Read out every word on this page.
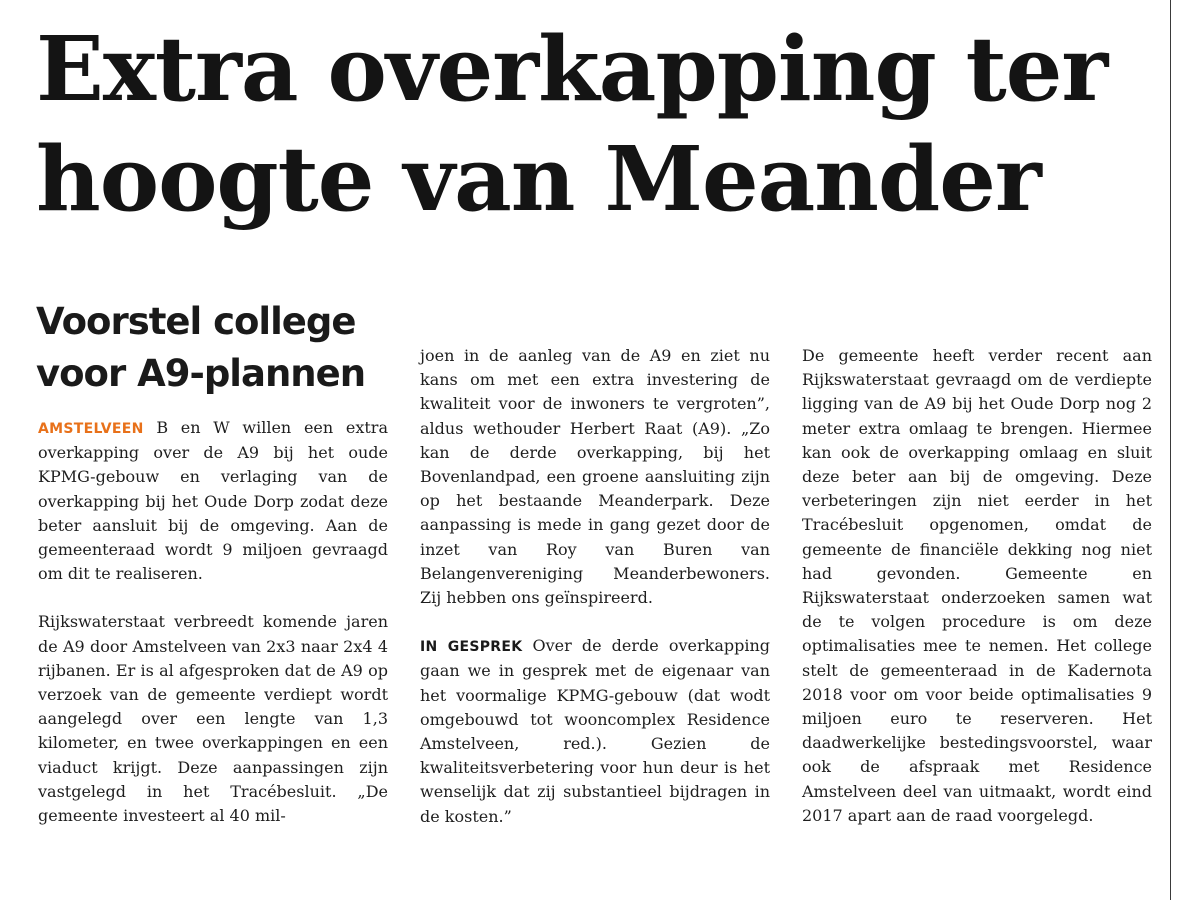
Extra overkapping ter
hoogte van Meander
Voorstel college
voor A9-plannen

AMSTELVEEN B en W willen een extra overkapping over de A9 bij het oude KPMG-gebouw en verlaging van de overkapping bij het Oude Dorp zodat deze beter aansluit bij de omgeving. Aan de gemeenteraad wordt 9 miljoen gevraagd om dit te realiseren.

Rijkswaterstaat verbreedt komende jaren de A9 door Amstelveen van 2x3 naar 2x4 4 rijbanen. Er is al afgesproken dat de A9 op verzoek van de gemeente verdiept wordt aangelegd over een lengte van 1,3 kilometer, en twee overkappingen en een viaduct krijgt. Deze aanpassingen zijn vastgelegd in het Tracébesluit. „De gemeente investeert al 40 mil-

joen in de aanleg van de A9 en ziet nu kans om met een extra investering de kwaliteit voor de inwoners te vergroten”, aldus wethouder Herbert Raat (A9). „Zo kan de derde overkapping, bij het Bovenlandpad, een groene aansluiting zijn op het bestaande Meanderpark. Deze aanpassing is mede in gang gezet door de inzet van Roy van Buren van Belangenvereniging Meanderbewoners. Zij hebben ons geïnspireerd.

IN GESPREK Over de derde overkapping gaan we in gesprek met de eigenaar van het voormalige KPMG-gebouw (dat wodt omgebouwd tot wooncomplex Residence Amstelveen, red.). Gezien de kwaliteitsverbetering voor hun deur is het wenselijk dat zij substantieel bijdragen in de kosten.”

De gemeente heeft verder recent aan Rijkswaterstaat gevraagd om de verdiepte ligging van de A9 bij het Oude Dorp nog 2 meter extra omlaag te brengen. Hiermee kan ook de overkapping omlaag en sluit deze beter aan bij de omgeving. Deze verbeteringen zijn niet eerder in het Tracébesluit opgenomen, omdat de gemeente de financiële dekking nog niet had gevonden. Gemeente en Rijkswaterstaat onderzoeken samen wat de te volgen procedure is om deze optimalisaties mee te nemen. Het college stelt de gemeenteraad in de Kadernota 2018 voor om voor beide optimalisaties 9 miljoen euro te reserveren. Het daadwerkelijke bestedingsvoorstel, waar ook de afspraak met Residence Amstelveen deel van uitmaakt, wordt eind 2017 apart aan de raad voorgelegd.
